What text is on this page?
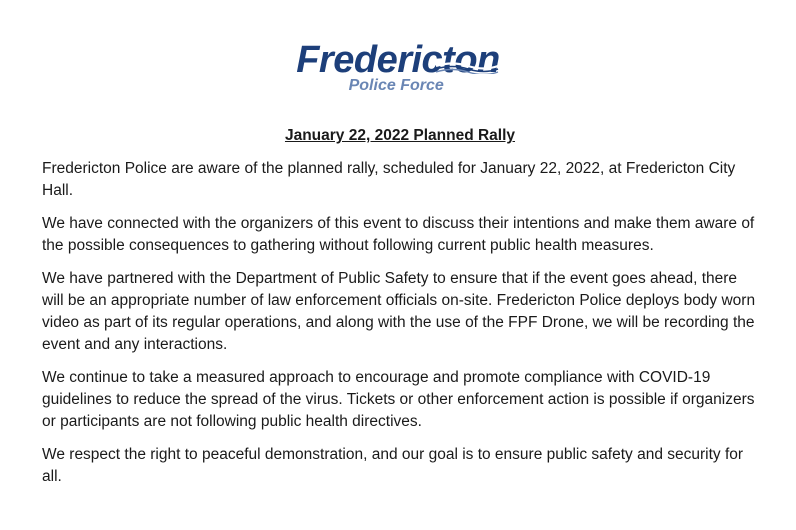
Fredericton
Police Force

January 22, 2022 Planned Rally

Fredericton Police are aware of the planned rally, scheduled for January 22, 2022, at Fredericton City Hall.

We have connected with the organizers of this event to discuss their intentions and make them aware of the possible consequences to gathering without following current public health measures.

We have partnered with the Department of Public Safety to ensure that if the event goes ahead, there will be an appropriate number of law enforcement officials on-site. Fredericton Police deploys body worn video as part of its regular operations, and along with the use of the FPF Drone, we will be recording the event and any interactions.

We continue to take a measured approach to encourage and promote compliance with COVID-19 guidelines to reduce the spread of the virus. Tickets or other enforcement action is possible if organizers or participants are not following public health directives.

We respect the right to peaceful demonstration, and our goal is to ensure public safety and security for all.
